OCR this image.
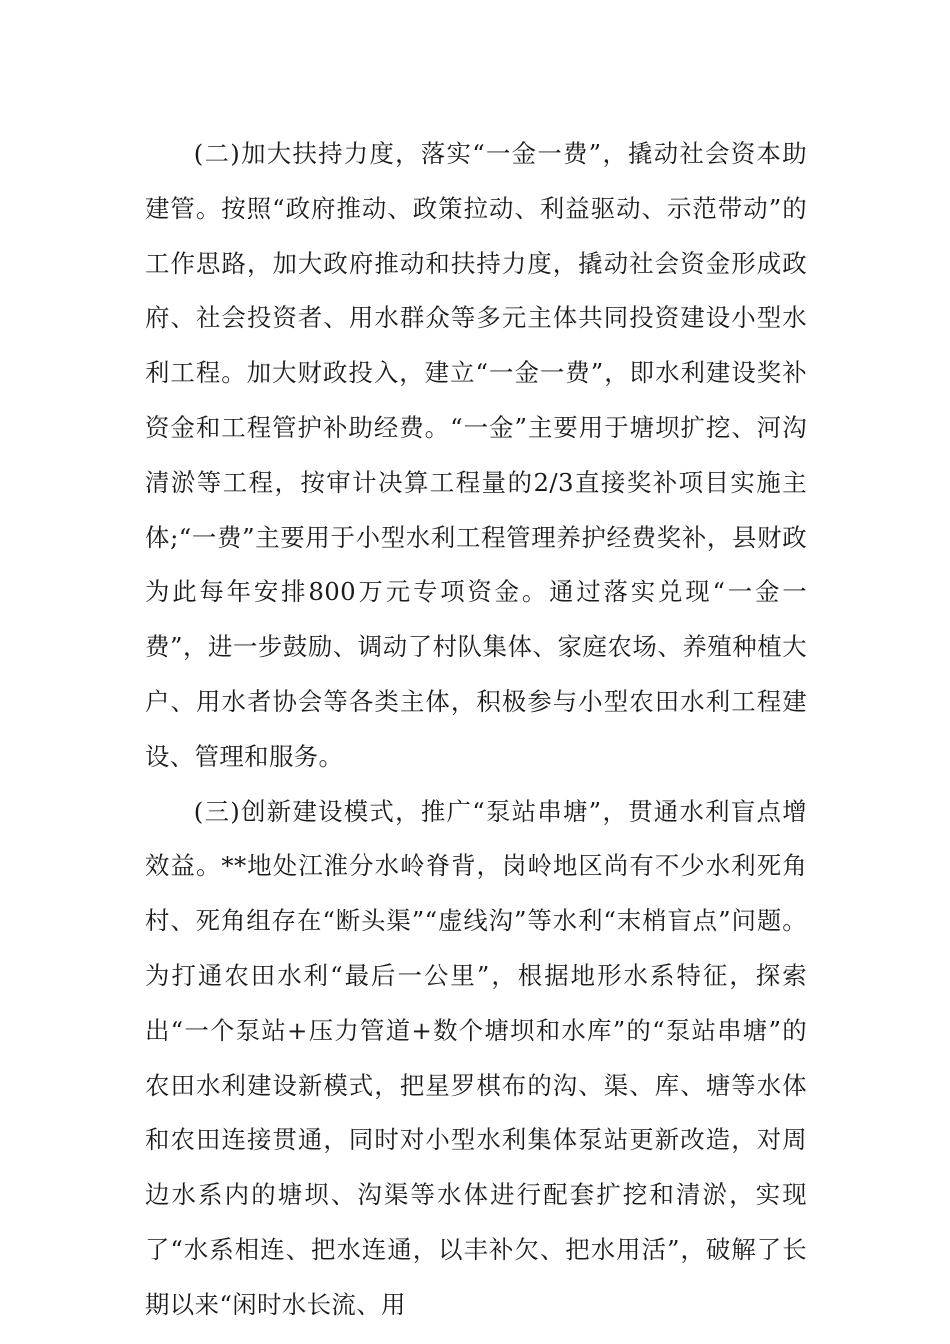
(二)加大扶持力度，落实“一金一费”，撬动社会资本助建管。按照“政府推动、政策拉动、利益驱动、示范带动”的工作思路，加大政府推动和扶持力度，撬动社会资金形成政府、社会投资者、用水群众等多元主体共同投资建设小型水利工程。加大财政投入，建立“一金一费”，即水利建设奖补资金和工程管护补助经费。“一金”主要用于塘坝扩挖、河沟清淤等工程，按审计决算工程量的2/3直接奖补项目实施主体;“一费”主要用于小型水利工程管理养护经费奖补，县财政为此每年安排800万元专项资金。通过落实兑现“一金一费”，进一步鼓励、调动了村队集体、家庭农场、养殖种植大户、用水者协会等各类主体，积极参与小型农田水利工程建设、管理和服务。

(三)创新建设模式，推广“泵站串塘”，贯通水利盲点增效益。**地处江淮分水岭脊背，岗岭地区尚有不少水利死角村、死角组存在“断头渠”“虚线沟”等水利“末梢盲点”问题。为打通农田水利“最后一公里”，根据地形水系特征，探索出“一个泵站+压力管道+数个塘坝和水库”的“泵站串塘”的农田水利建设新模式，把星罗棋布的沟、渠、库、塘等水体和农田连接贯通，同时对小型水利集体泵站更新改造，对周边水系内的塘坝、沟渠等水体进行配套扩挖和清淤，实现了“水系相连、把水连通，以丰补欠、把水用活”，破解了长期以来“闲时水长流、用
